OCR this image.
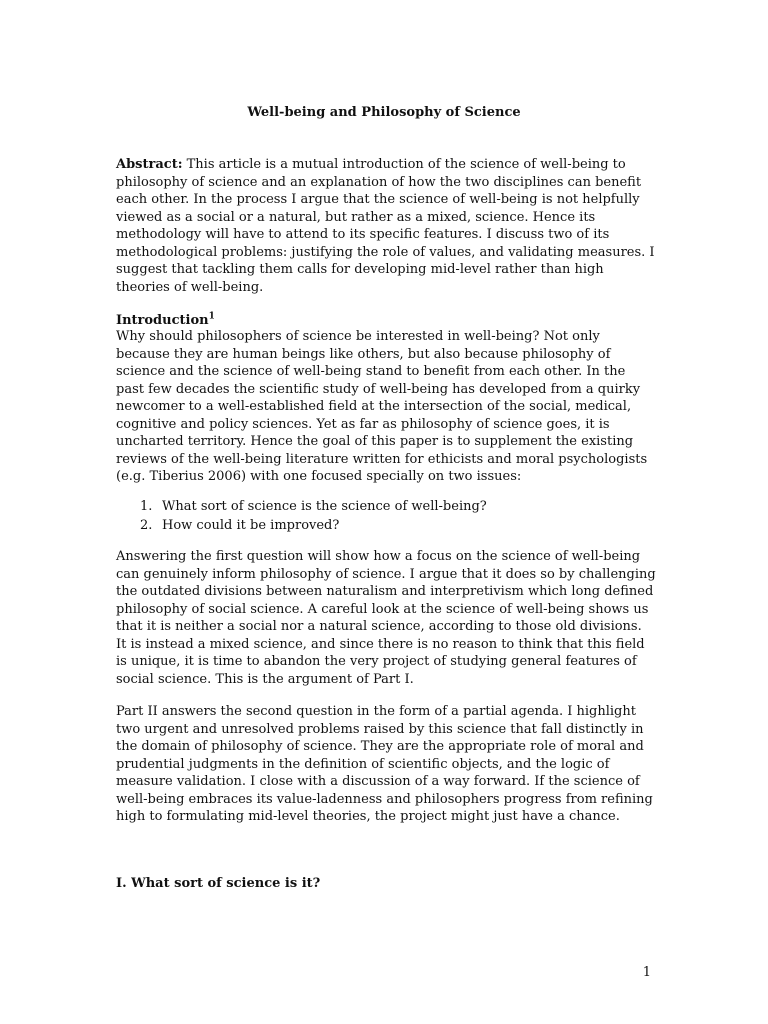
Well-being and Philosophy of Science

Abstract: This article is a mutual introduction of the science of well-being to philosophy of science and an explanation of how the two disciplines can benefit each other. In the process I argue that the science of well-being is not helpfully viewed as a social or a natural, but rather as a mixed, science. Hence its methodology will have to attend to its specific features. I discuss two of its methodological problems: justifying the role of values, and validating measures. I suggest that tackling them calls for developing mid-level rather than high theories of well-being.

Introduction$^1$

Why should philosophers of science be interested in well-being? Not only because they are human beings like others, but also because philosophy of science and the science of well-being stand to benefit from each other. In the past few decades the scientific study of well-being has developed from a quirky newcomer to a well-established field at the intersection of the social, medical, cognitive and policy sciences. Yet as far as philosophy of science goes, it is uncharted territory. Hence the goal of this paper is to supplement the existing reviews of the well-being literature written for ethicists and moral psychologists (e.g. Tiberius 2006) with one focused specially on two issues:

1. What sort of science is the science of well-being?
2. How could it be improved?

Answering the first question will show how a focus on the science of well-being can genuinely inform philosophy of science. I argue that it does so by challenging the outdated divisions between naturalism and interpretivism which long defined philosophy of social science. A careful look at the science of well-being shows us that it is neither a social nor a natural science, according to those old divisions. It is instead a mixed science, and since there is no reason to think that this field is unique, it is time to abandon the very project of studying general features of social science. This is the argument of Part I.

Part II answers the second question in the form of a partial agenda. I highlight two urgent and unresolved problems raised by this science that fall distinctly in the domain of philosophy of science. They are the appropriate role of moral and prudential judgments in the definition of scientific objects, and the logic of measure validation. I close with a discussion of a way forward. If the science of well-being embraces its value-ladenness and philosophers progress from refining high to formulating mid-level theories, the project might just have a chance.

I. What sort of science is it?
1
